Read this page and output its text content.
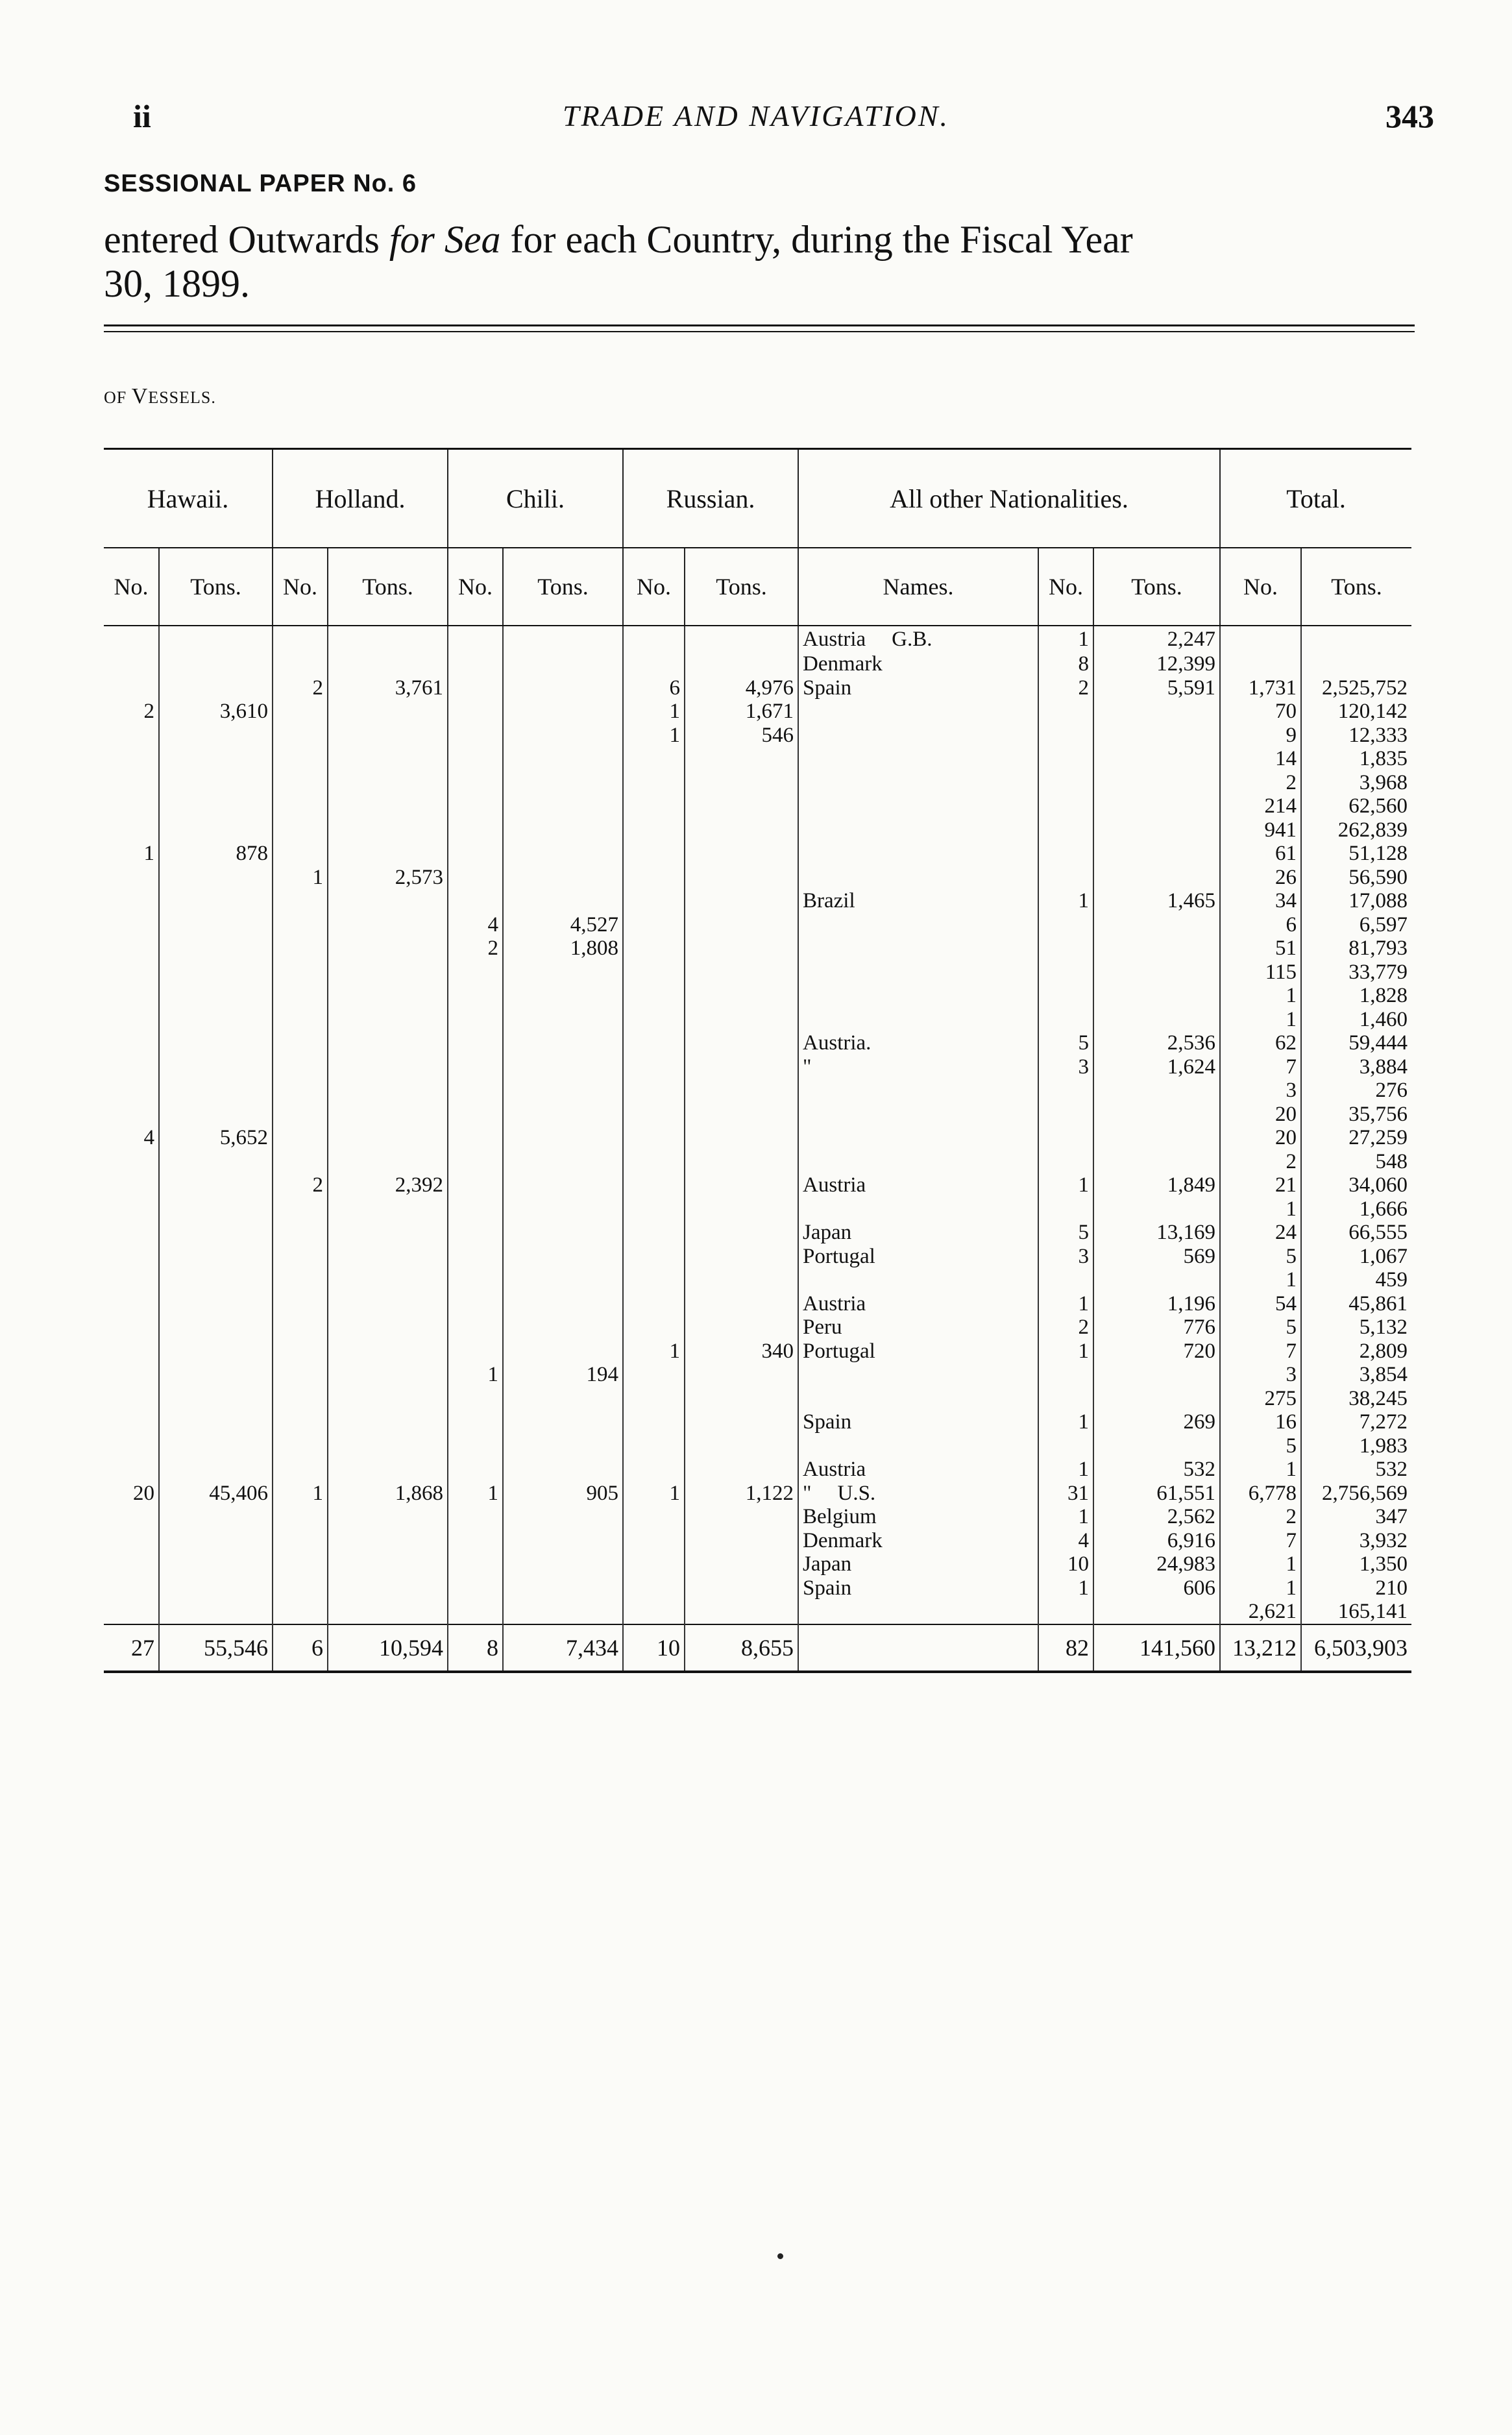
ii	TRADE AND NAVIGATION.	343
SESSIONAL PAPER No. 6
entered Outwards for Sea for each Country, during the Fiscal Year
30, 1899.
OF VESSELS.
Hawaii.		Holland.		Chili.		Russian.		All other Nationalities.			Total.	
No.	Tons.	No.	Tons.	No.	Tons.	No.	Tons.	Names.	No.	Tons.	No.	Tons.
								Austria G.B.	1	2,247		
								Denmark	8	12,399		
		2	3,761			6	4,976	Spain	2	5,591	1,731	2,525,752
2	3,610					1	1,671				70	120,142
						1	546				9	12,333
											14	1,835
											2	3,968
											214	62,560
											941	262,839
1	878										61	51,128
		1	2,573								26	56,590
								Brazil	1	1,465	34	17,088
				4	4,527						6	6,597
				2	1,808						51	81,793
											115	33,779
											1	1,828
											1	1,460
								Austria.	5	2,536	62	59,444
								"	3	1,624	7	3,884
											3	276
											20	35,756
4	5,652										20	27,259
											2	548
		2	2,392					Austria	1	1,849	21	34,060
											1	1,666
								Japan	5	13,169	24	66,555
								Portugal	3	569	5	1,067
											1	459
								Austria	1	1,196	54	45,861
								Peru	2	776	5	5,132
						1	340	Portugal	1	720	7	2,809
				1	194						3	3,854
											275	38,245
								Spain	1	269	16	7,272
											5	1,983
								Austria	1	532	1	532
20	45,406	1	1,868	1	905	1	1,122	" U.S.	31	61,551	6,778	2,756,569
								Belgium	1	2,562	2	347
								Denmark	4	6,916	7	3,932
								Japan	10	24,983	1	1,350
								Spain	1	606	1	210
											2,621	165,141
27	55,546	6	10,594	8	7,434	10	8,655		82	141,560	13,212	6,503,903
